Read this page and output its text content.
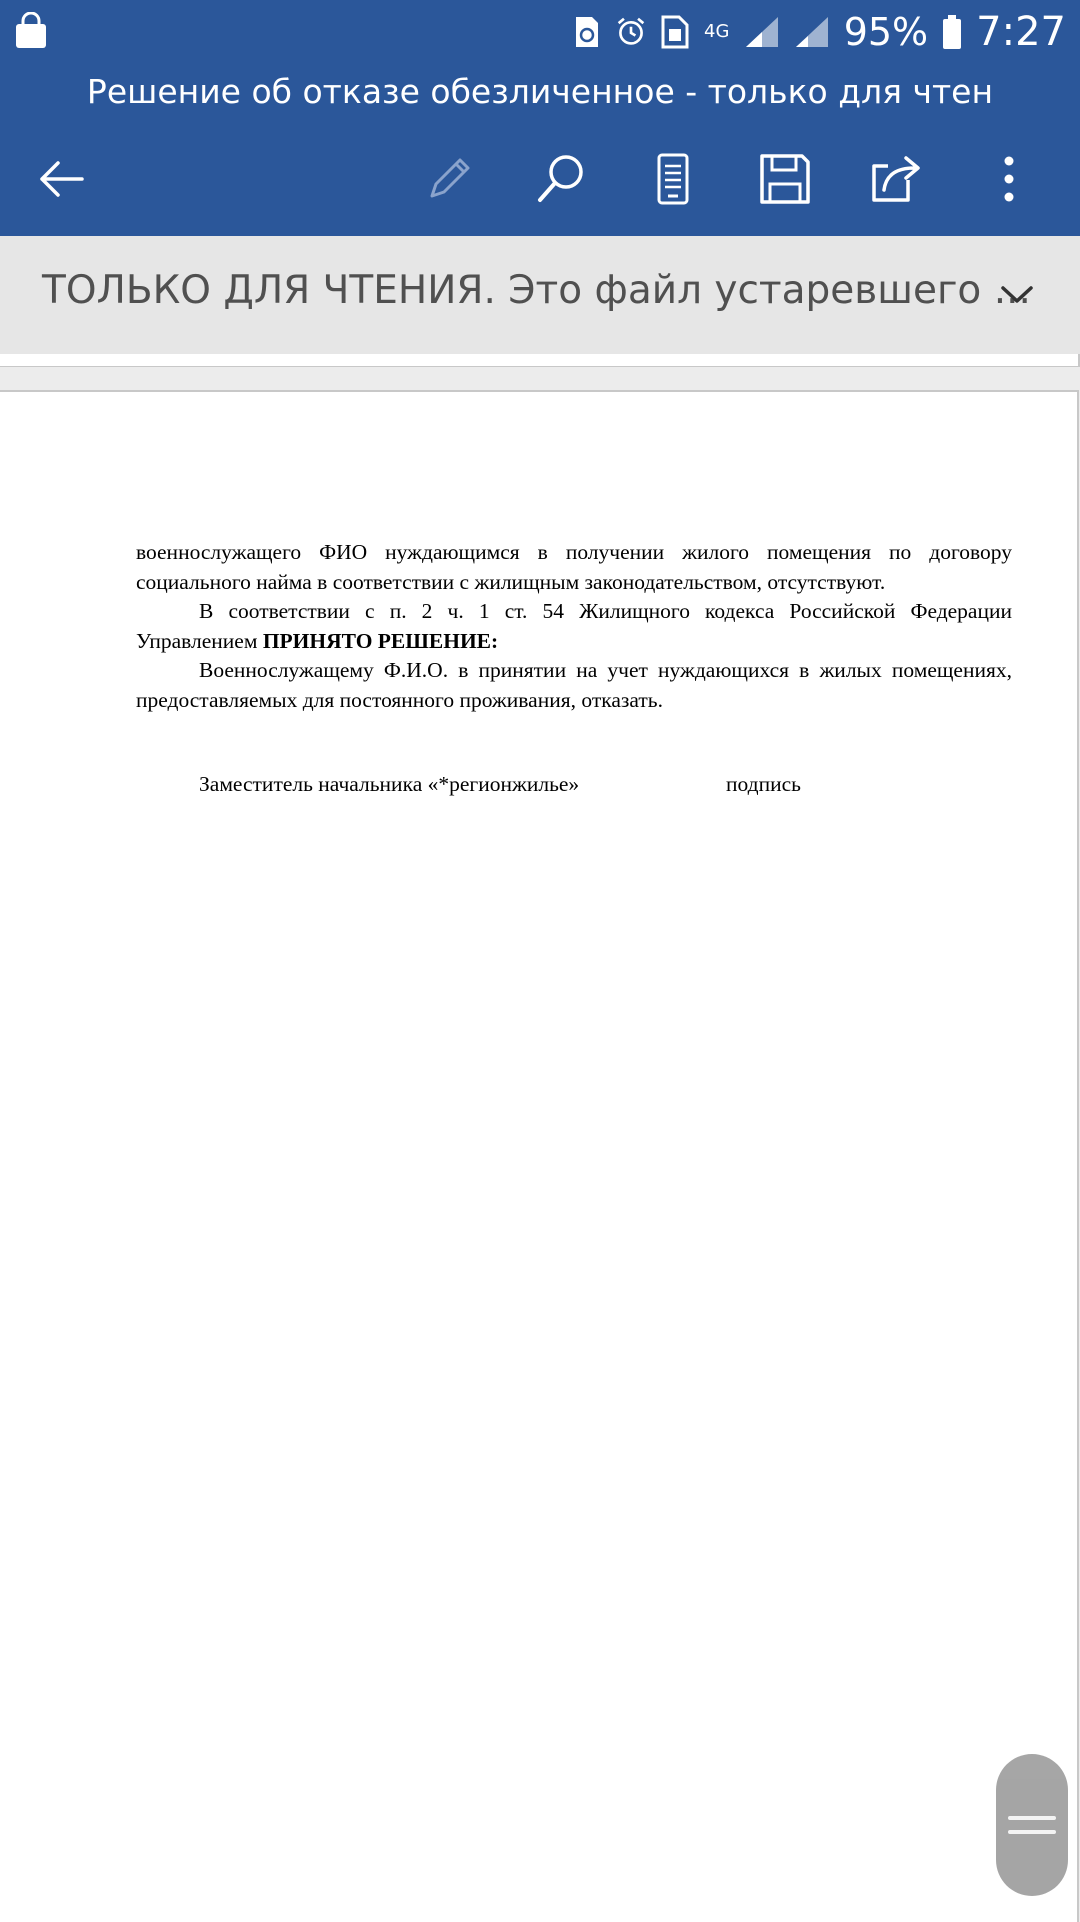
4G	95% 7:27
Решение об отказе обезличенное - только для чтен
ТОЛЬКО ДЛЯ ЧТЕНИЯ. Это файл устаревшего ...

военнослужащего ФИО нуждающимся в получении жилого помещения по договору социального найма в соответствии с жилищным законодательством, отсутствуют.

В соответствии с п. 2 ч. 1 ст. 54 Жилищного кодекса Российской Федерации Управлением ПРИНЯТО РЕШЕНИЕ:

Военнослужащему Ф.И.О. в принятии на учет нуждающихся в жилых помещениях, предоставляемых для постоянного проживания, отказать.

Заместитель начальника «*регионжилье»	подпись
